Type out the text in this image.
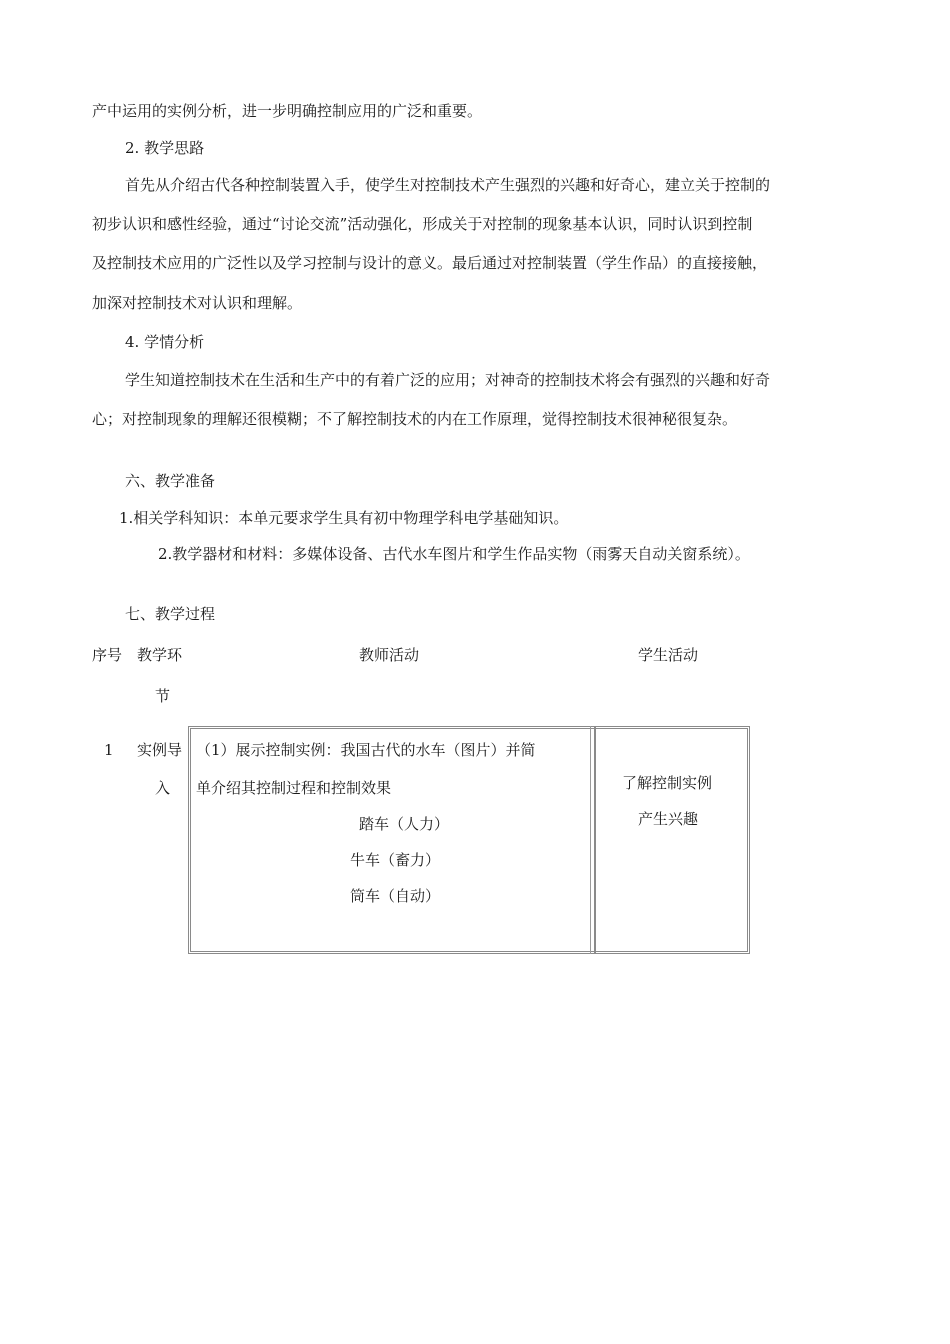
产中运用的实例分析，进一步明确控制应用的广泛和重要。
2. 教学思路
首先从介绍古代各种控制装置入手，使学生对控制技术产生强烈的兴趣和好奇心，建立关于控制的
初步认识和感性经验，通过“讨论交流”活动强化，形成关于对控制的现象基本认识，同时认识到控制
及控制技术应用的广泛性以及学习控制与设计的意义。最后通过对控制装置（学生作品）的直接接触，
加深对控制技术对认识和理解。
4. 学情分析
学生知道控制技术在生活和生产中的有着广泛的应用；对神奇的控制技术将会有强烈的兴趣和好奇
心；对控制现象的理解还很模糊；不了解控制技术的内在工作原理，觉得控制技术很神秘很复杂。
六、教学准备
1.相关学科知识：本单元要求学生具有初中物理学科电学基础知识。
2.教学器材和材料：多媒体设备、古代水车图片和学生作品实物（雨雾天自动关窗系统）。
七、教学过程
序号 教学环
节
教师活动	学生活动
1 实例导
入
（1）展示控制实例：我国古代的水车（图片）并简
单介绍其控制过程和控制效果
踏车（人力）
牛车（畜力）
筒车（自动）
了解控制实例
产生兴趣
